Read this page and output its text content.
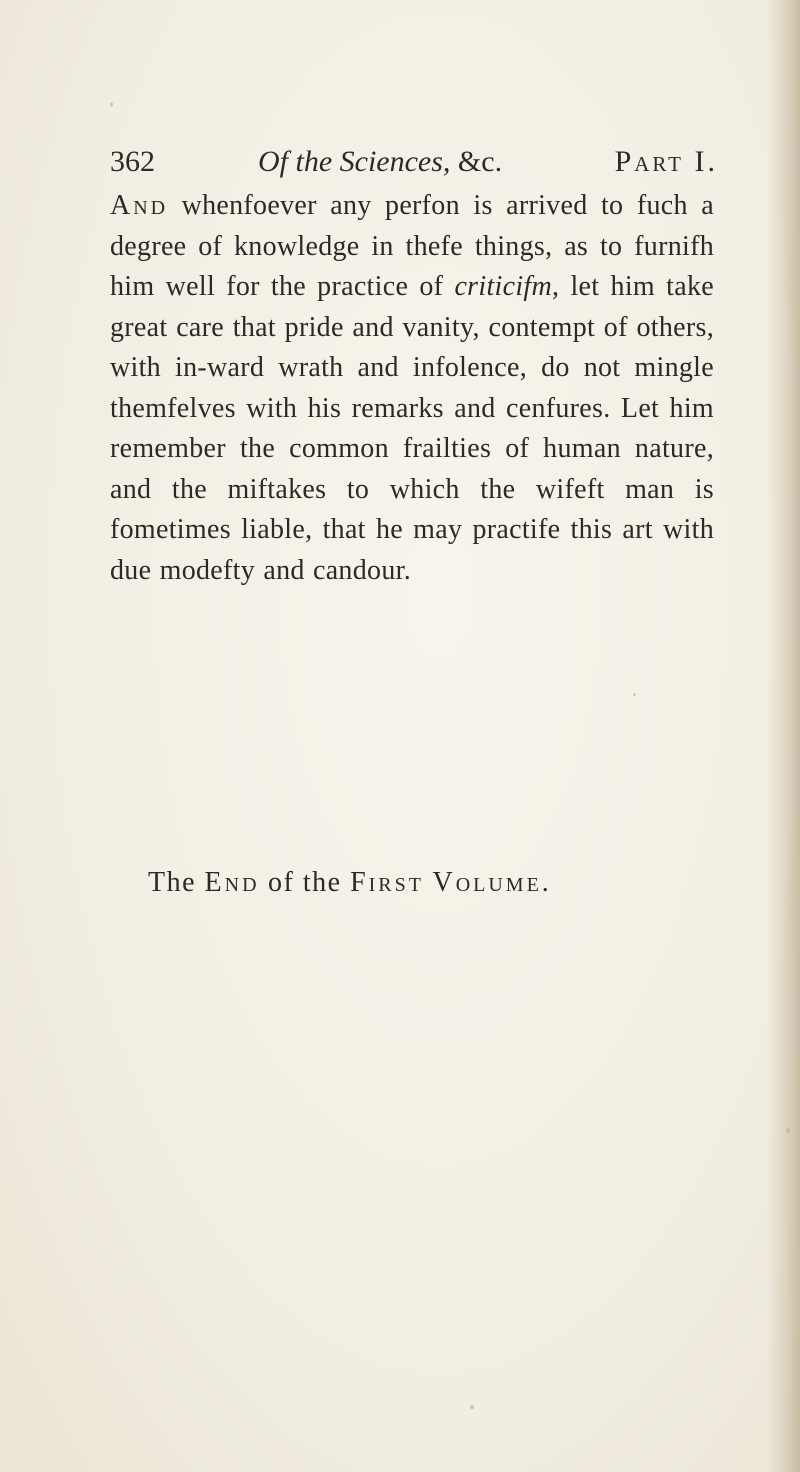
362	Of the Sciences, &c.	Part I.
And whenfoever any perfon is arrived to fuch a degree of knowledge in thefe things, as to furnifh him well for the practice of criticifm, let him take great care that pride and vanity, contempt of others, with in-ward wrath and infolence, do not mingle themfelves with his remarks and cenfures. Let him remember the common frailties of human nature, and the miftakes to which the wifeft man is fometimes liable, that he may practife this art with due modefty and candour.
The End of the First Volume.
